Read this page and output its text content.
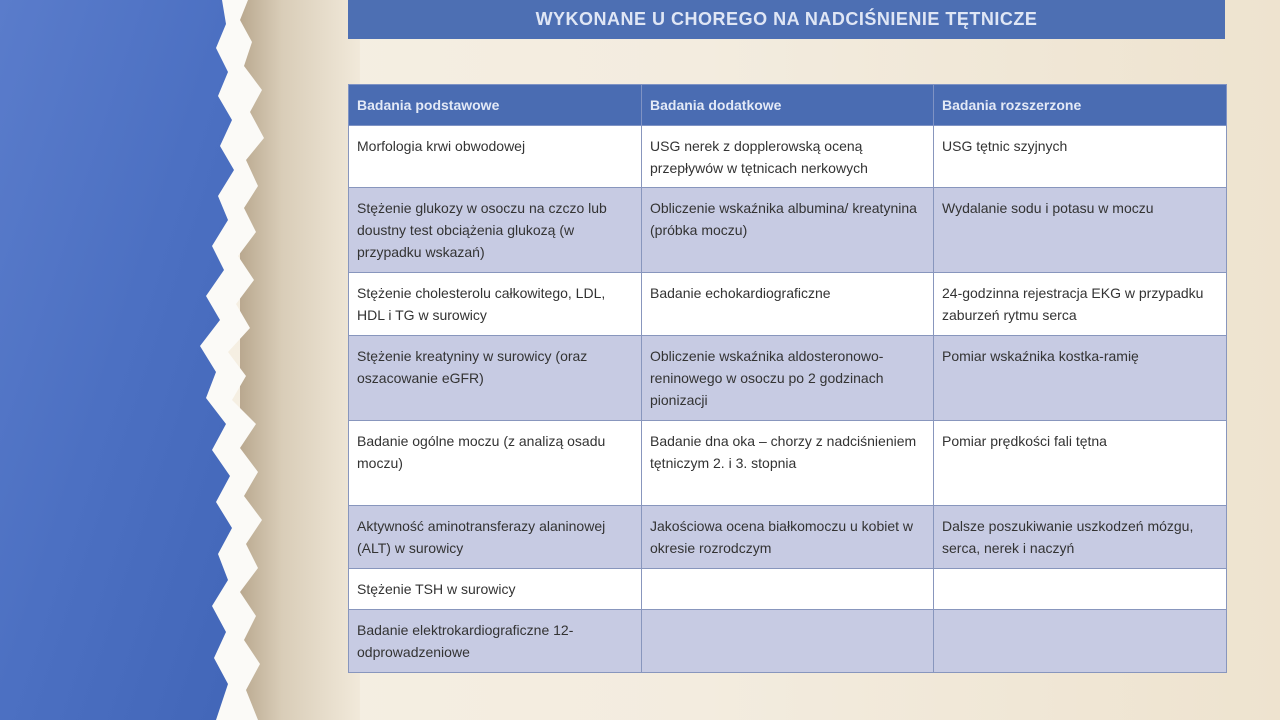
WYKONANE U CHOREGO NA NADCIŚNIENIE TĘTNICZE
Badania podstawowe	Badania dodatkowe	Badania rozszerzone
Morfologia krwi obwodowej	USG nerek z dopplerowską oceną przepływów w tętnicach nerkowych	USG tętnic szyjnych
Stężenie glukozy w osoczu na czczo lub doustny test obciążenia glukozą (w przypadku wskazań)	Obliczenie wskaźnika albumina/ kreatynina (próbka moczu)	Wydalanie sodu i potasu w moczu
Stężenie cholesterolu całkowitego, LDL, HDL i TG w surowicy	Badanie echokardiograficzne	24-godzinna rejestracja EKG w przypadku zaburzeń rytmu serca
Stężenie kreatyniny w surowicy (oraz oszacowanie eGFR)	Obliczenie wskaźnika aldosteronowo-reninowego w osoczu po 2 godzinach pionizacji	Pomiar wskaźnika kostka-ramię
Badanie ogólne moczu (z analizą osadu moczu)	Badanie dna oka – chorzy z nadciśnieniem tętniczym 2. i 3. stopnia	Pomiar prędkości fali tętna
Aktywność aminotransferazy alaninowej (ALT) w surowicy	Jakościowa ocena białkomoczu u kobiet w okresie rozrodczym	Dalsze poszukiwanie uszkodzeń mózgu, serca, nerek i naczyń
Stężenie TSH w surowicy		
Badanie elektrokardiograficzne 12-odprowadzeniowe		
